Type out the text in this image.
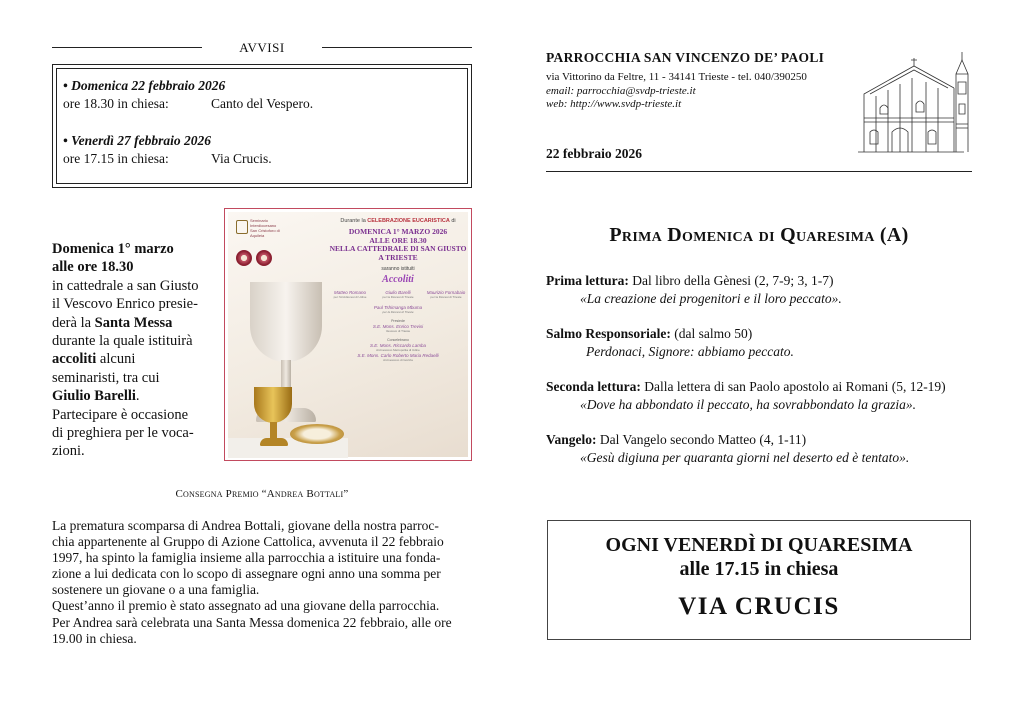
AVVISI
• Domenica 22 febbraio 2026
ore 18.30 in chiesa:	Canto del Vespero.
• Venerdì 27 febbraio 2026
ore 17.15 in chiesa:	Via Crucis.
Domenica 1° marzo
alle ore 18.30
in cattedrale a san Giusto
il Vescovo Enrico presie-
derà la Santa Messa
durante la quale istituirà
accoliti alcuni
seminaristi, tra cui
Giulio Barelli.
Partecipare è occasione
di preghiera per le voca-
zioni.
Seminario Interdiocesano San Cristoforo di Aquileia
Durante la CELEBRAZIONE EUCARISTICA di
DOMENICA 1° MARZO 2026
ALLE ORE 18.30
NELLA CATTEDRALE DI SAN GIUSTO
A TRIESTE
saranno istituiti
Accoliti
Matteo Romano
per l'Arcidiocesi di Udine
Giulio Barelli
per la Diocesi di Trieste
Maurizio Fornabaio
per la Diocesi di Trieste
Paul Tshimanga Mbuma
per la Diocesi di Trieste
Presiede
S.E. Mons. Enrico Trevisi
Vescovo di Trieste
Concelebrano
S.E. Mons. Riccardo Lamba
Arcivescovo Metropolita di Udine
S.E. Mons. Carlo Roberto Maria Redaelli
Arcivescovo di Gorizia
Consegna Premio “Andrea Bottali”
La prematura scomparsa di Andrea Bottali, giovane della nostra parroc-
chia appartenente al Gruppo di Azione Cattolica, avvenuta il 22 febbraio
1997, ha spinto la famiglia insieme alla parrocchia a istituire una fonda-
zione a lui dedicata con lo scopo di assegnare ogni anno una somma per
sostenere un giovane o a una famiglia.
Quest’anno il premio è stato assegnato ad una giovane della parrocchia.
Per Andrea sarà celebrata una Santa Messa domenica 22 febbraio, alle ore
19.00 in chiesa.
PARROCCHIA SAN VINCENZO DE’ PAOLI
via Vittorino da Feltre, 11 - 34141 Trieste - tel. 040/390250
email: parrocchia@svdp-trieste.it
web: http://www.svdp-trieste.it
22 febbraio 2026
Prima Domenica di Quaresima (A)
Prima lettura: Dal libro della Gènesi (2, 7-9; 3, 1-7)
«La creazione dei progenitori e il loro peccato».
Salmo Responsoriale: (dal salmo 50)
Perdonaci, Signore: abbiamo peccato.
Seconda lettura: Dalla lettera di san Paolo apostolo ai Romani (5, 12-19)
«Dove ha abbondato il peccato, ha sovrabbondato la grazia».
Vangelo: Dal Vangelo secondo Matteo (4, 1-11)
«Gesù digiuna per quaranta giorni nel deserto ed è tentato».
OGNI VENERDÌ DI QUARESIMA
alle 17.15 in chiesa
VIA CRUCIS
